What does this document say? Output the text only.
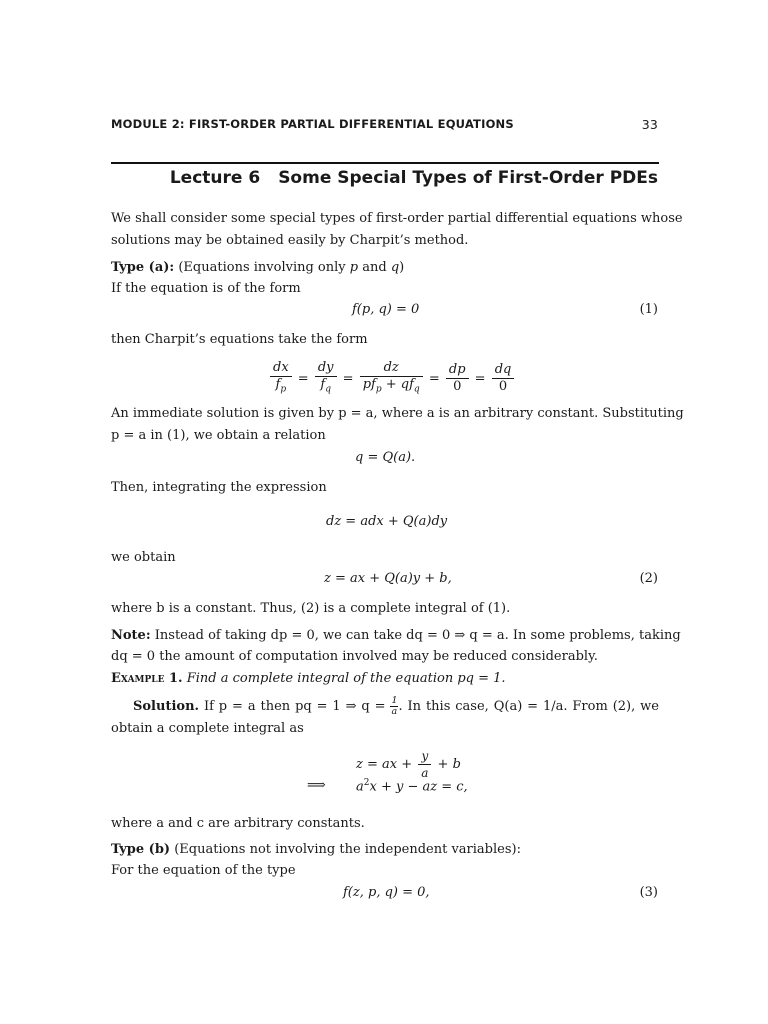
MODULE 2: FIRST-ORDER PARTIAL DIFFERENTIAL EQUATIONS	33
Lecture 6 Some Special Types of First-Order PDEs
We shall consider some special types of first-order partial differential equations whose
solutions may be obtained easily by Charpit’s method.
Type (a): (Equations involving only p and q)
If the equation is of the form
f(p, q) = 0	(1)
then Charpit’s equations take the form
$\frac{dx}{f_p} = \frac{dy}{f_q} = \frac{dz}{pf_p + qf_q} = \frac{dp}{0} = \frac{dq}{0}$
An immediate solution is given by p = a, where a is an arbitrary constant. Substituting
p = a in (1), we obtain a relation
q = Q(a).
Then, integrating the expression
dz = adx + Q(a)dy
we obtain
z = ax + Q(a)y + b,	(2)
where b is a constant. Thus, (2) is a complete integral of (1).
Note: Instead of taking dp = 0, we can take dq = 0 ⇒ q = a. In some problems, taking
dq = 0 the amount of computation involved may be reduced considerably.
Example 1. Find a complete integral of the equation pq = 1.
Solution. If p = a then pq = 1 ⇒ $q = \frac{1}{a}$ . In this case, Q(a) = 1/a. From (2), we
obtain a complete integral as
z = ax + $\frac{y}{a} + b$
⟹ $a^2x + y$ − az = c,
where a and c are arbitrary constants.
Type (b) (Equations not involving the independent variables):
For the equation of the type
f(z, p, q) = 0,	(3)
